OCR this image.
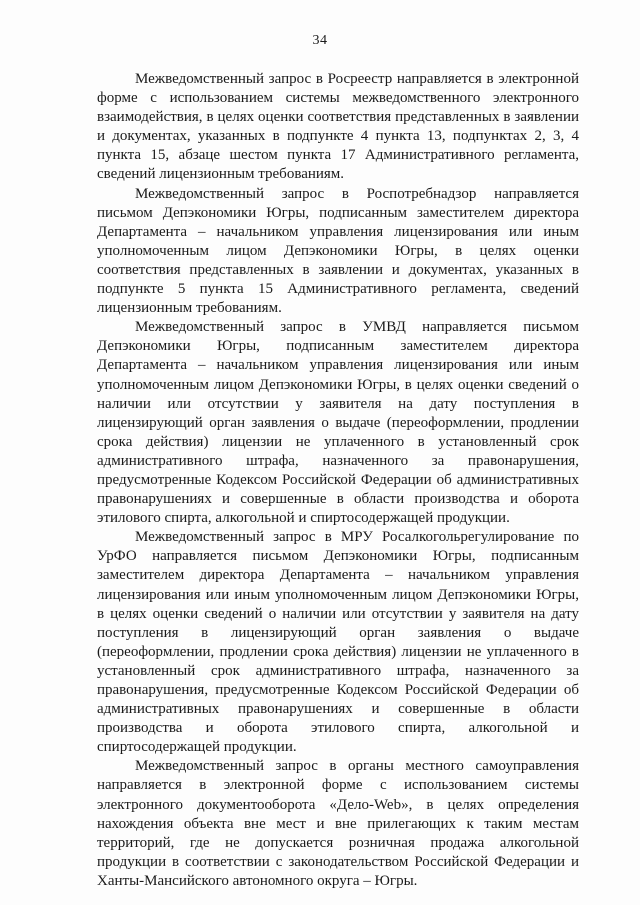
34

Межведомственный запрос в Росреестр направляется в электронной форме с использованием системы межведомственного электронного взаимодействия, в целях оценки соответствия представленных в заявлении и документах, указанных в подпункте 4 пункта 13, подпунктах 2, 3, 4 пункта 15, абзаце шестом пункта 17 Административного регламента, сведений лицензионным требованиям.

Межведомственный запрос в Роспотребнадзор направляется письмом Депэкономики Югры, подписанным заместителем директора Департамента – начальником управления лицензирования или иным уполномоченным лицом Депэкономики Югры, в целях оценки соответствия представленных в заявлении и документах, указанных в подпункте 5 пункта 15 Административного регламента, сведений лицензионным требованиям.

Межведомственный запрос в УМВД направляется письмом Депэкономики Югры, подписанным заместителем директора Департамента – начальником управления лицензирования или иным уполномоченным лицом Депэкономики Югры, в целях оценки сведений о наличии или отсутствии у заявителя на дату поступления в лицензирующий орган заявления о выдаче (переоформлении, продлении срока действия) лицензии не уплаченного в установленный срок административного штрафа, назначенного за правонарушения, предусмотренные Кодексом Российской Федерации об административных правонарушениях и совершенные в области производства и оборота этилового спирта, алкогольной и спиртосодержащей продукции.

Межведомственный запрос в МРУ Росалкогольрегулирование по УрФО направляется письмом Депэкономики Югры, подписанным заместителем директора Департамента – начальником управления лицензирования или иным уполномоченным лицом Депэкономики Югры, в целях оценки сведений о наличии или отсутствии у заявителя на дату поступления в лицензирующий орган заявления о выдаче (переоформлении, продлении срока действия) лицензии не уплаченного в установленный срок административного штрафа, назначенного за правонарушения, предусмотренные Кодексом Российской Федерации об административных правонарушениях и совершенные в области производства и оборота этилового спирта, алкогольной и спиртосодержащей продукции.

Межведомственный запрос в органы местного самоуправления направляется в электронной форме с использованием системы электронного документооборота «Дело-Web», в целях определения нахождения объекта вне мест и вне прилегающих к таким местам территорий, где не допускается розничная продажа алкогольной продукции в соответствии с законодательством Российской Федерации и Ханты-Мансийского автономного округа – Югры.
